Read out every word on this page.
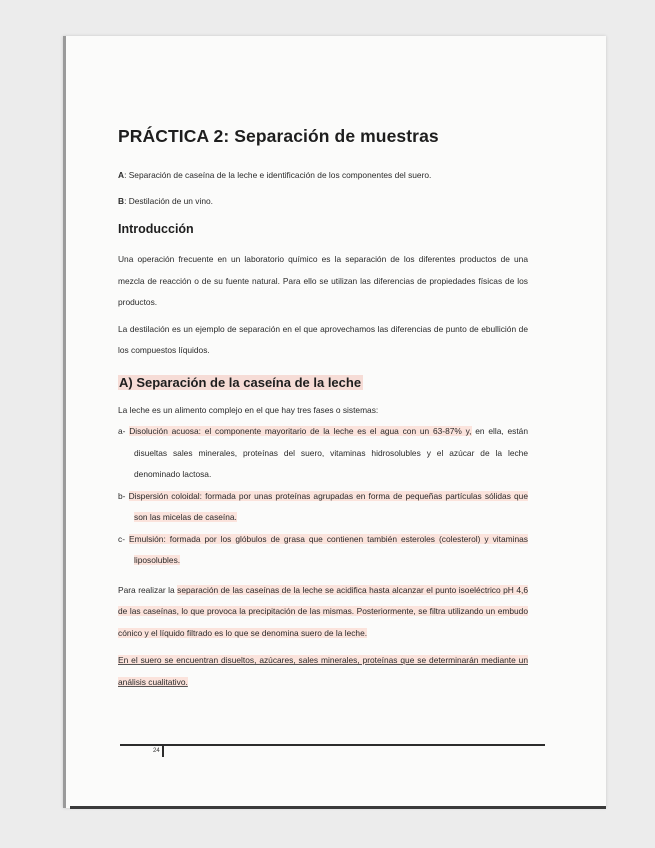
PRÁCTICA 2: Separación de muestras

A: Separación de caseína de la leche e identificación de los componentes del suero.

B: Destilación de un vino.

Introducción

Una operación frecuente en un laboratorio químico es la separación de los diferentes productos de una mezcla de reacción o de su fuente natural. Para ello se utilizan las diferencias de propiedades físicas de los productos.

La destilación es un ejemplo de separación en el que aprovechamos las diferencias de punto de ebullición de los compuestos líquidos.

A) Separación de la caseína de la leche

La leche es un alimento complejo en el que hay tres fases o sistemas:

a- Disolución acuosa: el componente mayoritario de la leche es el agua con un 63-87% y, en ella, están disueltas sales minerales, proteínas del suero, vitaminas hidrosolubles y el azúcar de la leche denominado lactosa.
b- Dispersión coloidal: formada por unas proteínas agrupadas en forma de pequeñas partículas sólidas que son las micelas de caseína.
c- Emulsión: formada por los glóbulos de grasa que contienen también esteroles (colesterol) y vitaminas liposolubles.

Para realizar la separación de las caseínas de la leche se acidifica hasta alcanzar el punto isoeléctrico pH 4,6 de las caseínas, lo que provoca la precipitación de las mismas. Posteriormente, se filtra utilizando un embudo cónico y el líquido filtrado es lo que se denomina suero de la leche.

En el suero se encuentran disueltos, azúcares, sales minerales, proteínas que se determinarán mediante un análisis cualitativo.

24
